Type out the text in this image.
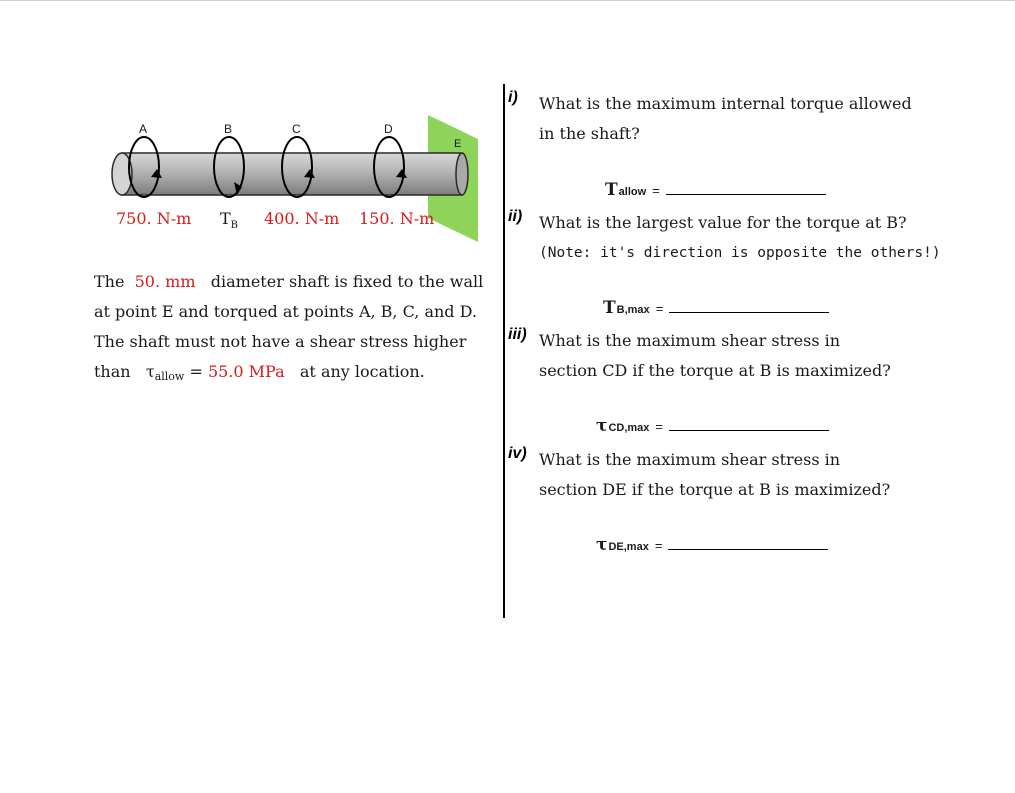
E
A	B	C	D
750. N-m $T_B$ 400. N-m 150. N-m

The 50. mm diameter shaft is fixed to the wall

at point E and torqued at points A, B, C, and D.

The shaft must not have a shear stress higher

than τallow = 55.0 MPa at any location.

i) What is the maximum internal torque allowed

in the shaft?

T allow =
ii) What is the largest value for the torque at B?

(Note: it's direction is opposite the others!)

T B,max =
iii) What is the maximum shear stress in

section CD if the torque at B is maximized?

τ CD,max =
iv) What is the maximum shear stress in

section DE if the torque at B is maximized?

τ DE,max =
